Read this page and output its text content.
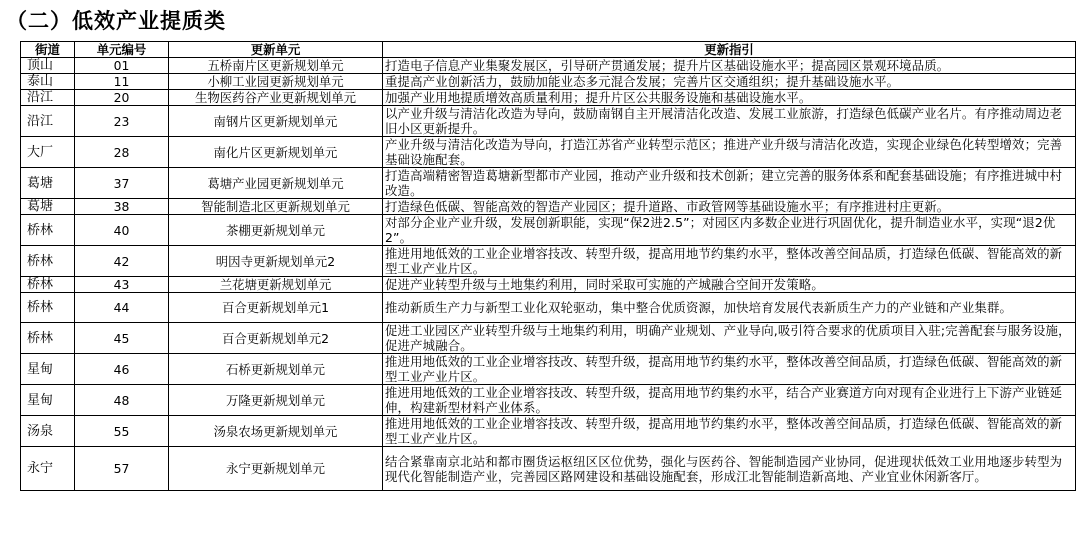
（二）低效产业提质类
街道	单元编号	更新单元	更新指引
顶山	01	五桥南片区更新规划单元	打造电子信息产业集聚发展区，引导研产贯通发展；提升片区基础设施水平；提高园区景观环境品质。
泰山	11	小柳工业园更新规划单元	重提高产业创新活力，鼓励加能业态多元混合发展；完善片区交通组织；提升基础设施水平。
沿江	20	生物医药谷产业更新规划单元	加强产业用地提质增效高质量利用；提升片区公共服务设施和基础设施水平。
沿江	23	南钢片区更新规划单元	以产业升级与清洁化改造为导向，鼓励南钢自主开展清洁化改造、发展工业旅游，打造绿色低碳产业名片。有序推动周边老旧小区更新提升。
大厂	28	南化片区更新规划单元	产业升级与清洁化改造为导向，打造江苏省产业转型示范区；推进产业升级与清洁化改造，实现企业绿色化转型增效；完善基础设施配套。
葛塘	37	葛塘产业园更新规划单元	打造高端精密智造葛塘新型都市产业园，推动产业升级和技术创新；建立完善的服务体系和配套基础设施；有序推进城中村改造。
葛塘	38	智能制造北区更新规划单元	打造绿色低碳、智能高效的智造产业园区；提升道路、市政管网等基础设施水平；有序推进村庄更新。
桥林	40	茶棚更新规划单元	对部分企业产业升级，发展创新职能，实现“保2进2.5”；对园区内多数企业进行巩固优化，提升制造业水平，实现“退2优2”。
桥林	42	明因寺更新规划单元2	推进用地低效的工业企业增容技改、转型升级，提高用地节约集约水平，整体改善空间品质，打造绿色低碳、智能高效的新型工业产业片区。
桥林	43	兰花塘更新规划单元	促进产业转型升级与土地集约利用，同时采取可实施的产城融合空间开发策略。
桥林	44	百合更新规划单元1	推动新质生产力与新型工业化双轮驱动，集中整合优质资源，加快培育发展代表新质生产力的产业链和产业集群。
桥林	45	百合更新规划单元2	促进工业园区产业转型升级与土地集约利用，明确产业规划、产业导向,吸引符合要求的优质项目入驻;完善配套与服务设施，促进产城融合。
星甸	46	石桥更新规划单元	推进用地低效的工业企业增容技改、转型升级，提高用地节约集约水平，整体改善空间品质，打造绿色低碳、智能高效的新型工业产业片区。
星甸	48	万隆更新规划单元	推进用地低效的工业企业增容技改、转型升级，提高用地节约集约水平，结合产业赛道方向对现有企业进行上下游产业链延伸，构建新型材料产业体系。
汤泉	55	汤泉农场更新规划单元	推进用地低效的工业企业增容技改、转型升级，提高用地节约集约水平，整体改善空间品质，打造绿色低碳、智能高效的新型工业产业片区。
永宁	57	永宁更新规划单元	结合紧靠南京北站和都市圈货运枢纽区区位优势，强化与医药谷、智能制造园产业协同，促进现状低效工业用地逐步转型为现代化智能制造产业，完善园区路网建设和基础设施配套，形成江北智能制造新高地、产业宜业休闲新客厅。
